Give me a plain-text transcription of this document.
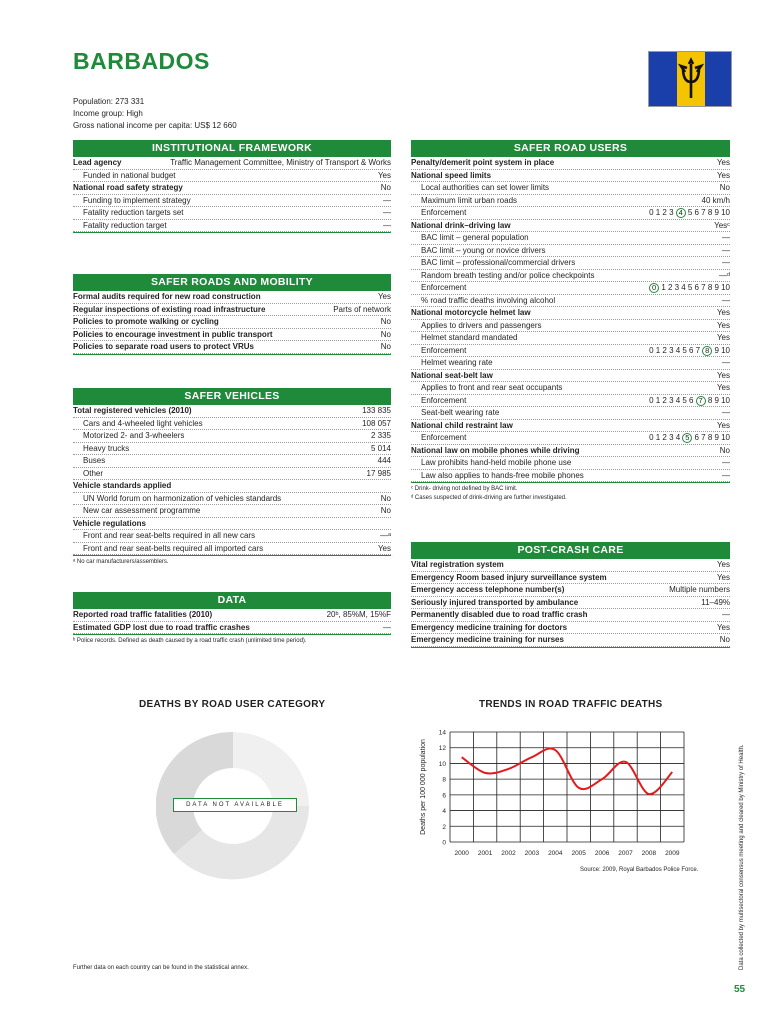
BARBADOS
Population: 273 331
Income group: High
Gross national income per capita: US$ 12 660
INSTITUTIONAL FRAMEWORK
Lead agency	Traffic Management Committee, Ministry of Transport & Works
Funded in national budget	Yes
National road safety strategy	No
Funding to implement strategy	—
Fatality reduction targets set	—
Fatality reduction target	—
SAFER ROADS AND MOBILITY
Formal audits required for new road construction	Yes
Regular inspections of existing road infrastructure	Parts of network
Policies to promote walking or cycling	No
Policies to encourage investment in public transport	No
Policies to separate road users to protect VRUs	No
SAFER VEHICLES
Total registered vehicles (2010)	133 835
Cars and 4-wheeled light vehicles	108 057
Motorized 2- and 3-wheelers	2 335
Heavy trucks	5 014
Buses	444
Other	17 985
Vehicle standards applied
UN World forum on harmonization of vehicles standards	No
New car assessment programme	No
Vehicle regulations
Front and rear seat-belts required in all new cars	—ᵃ
Front and rear seat-belts required all imported cars	Yes
ᵃ No car manufacturers/assemblers.
DATA
Reported road traffic fatalities (2010)	20ᵇ, 85%M, 15%F
Estimated GDP lost due to road traffic crashes	—
ᵇ Police records. Defined as death caused by a road traffic crash (unlimited time period).
SAFER ROAD USERS
Penalty/demerit point system in place	Yes
National speed limits	Yes
Local authorities can set lower limits	No
Maximum limit urban roads	40 km/h
Enforcement	0 1 2 3 4 5 6 7 8 9 10
National drink–driving law	Yesᶜ
BAC limit – general population	—
BAC limit – young or novice drivers	—
BAC limit – professional/commercial drivers	—
Random breath testing and/or police checkpoints	—ᵈ
Enforcement	0 1 2 3 4 5 6 7 8 9 10
% road traffic deaths involving alcohol	—
National motorcycle helmet law	Yes
Applies to drivers and passengers	Yes
Helmet standard mandated	Yes
Enforcement	0 1 2 3 4 5 6 7 8 9 10
Helmet wearing rate	—
National seat-belt law	Yes
Applies to front and rear seat occupants	Yes
Enforcement	0 1 2 3 4 5 6 7 8 9 10
Seat-belt wearing rate	—
National child restraint law	Yes
Enforcement	0 1 2 3 4 5 6 7 8 9 10
National law on mobile phones while driving	No
Law prohibits hand-held mobile phone use	—
Law also applies to hands-free mobile phones	—
ᶜ Drink- driving not defined by BAC limit.
ᵈ Cases suspected of drink-driving are further investigated.
POST-CRASH CARE
Vital registration system	Yes
Emergency Room based injury surveillance system	Yes
Emergency access telephone number(s)	Multiple numbers
Seriously injured transported by ambulance	11–49%
Permanently disabled due to road traffic crash	—
Emergency medicine training for doctors	Yes
Emergency medicine training for nurses	No
DEATHS BY ROAD USER CATEGORY
DATA NOT AVAILABLE
TRENDS IN ROAD TRAFFIC DEATHS
0
2
4
6
8
10
12
14
2000 2001 2002 2003 2004 2005 2006 2007 2008 2009
Deaths per 100 000 population
Source: 2009, Royal Barbados Police Force.	Data collected by multisectoral consensus meeting and cleared by Ministry of Health.
Further data on each country can be found in the statistical annex.
55
